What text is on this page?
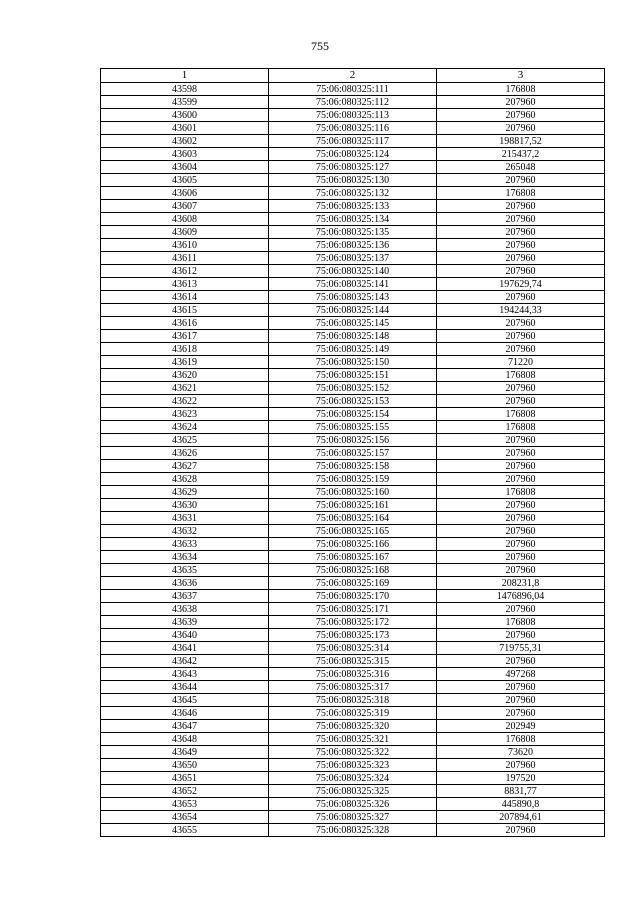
755
1	2	3
43598	75:06:080325:111	176808
43599	75:06:080325:112	207960
43600	75:06:080325:113	207960
43601	75:06:080325:116	207960
43602	75:06:080325:117	198817,52
43603	75:06:080325:124	215437,2
43604	75:06:080325:127	265048
43605	75:06:080325:130	207960
43606	75:06:080325:132	176808
43607	75:06:080325:133	207960
43608	75:06:080325:134	207960
43609	75:06:080325:135	207960
43610	75:06:080325:136	207960
43611	75:06:080325:137	207960
43612	75:06:080325:140	207960
43613	75:06:080325:141	197629,74
43614	75:06:080325:143	207960
43615	75:06:080325:144	194244,33
43616	75:06:080325:145	207960
43617	75:06:080325:148	207960
43618	75:06:080325:149	207960
43619	75:06:080325:150	71220
43620	75:06:080325:151	176808
43621	75:06:080325:152	207960
43622	75:06:080325:153	207960
43623	75:06:080325:154	176808
43624	75:06:080325:155	176808
43625	75:06:080325:156	207960
43626	75:06:080325:157	207960
43627	75:06:080325:158	207960
43628	75:06:080325:159	207960
43629	75:06:080325:160	176808
43630	75:06:080325:161	207960
43631	75:06:080325:164	207960
43632	75:06:080325:165	207960
43633	75:06:080325:166	207960
43634	75:06:080325:167	207960
43635	75:06:080325:168	207960
43636	75:06:080325:169	208231,8
43637	75:06:080325:170	1476896,04
43638	75:06:080325:171	207960
43639	75:06:080325:172	176808
43640	75:06:080325:173	207960
43641	75:06:080325:314	719755,31
43642	75:06:080325:315	207960
43643	75:06:080325:316	497268
43644	75:06:080325:317	207960
43645	75:06:080325:318	207960
43646	75:06:080325:319	207960
43647	75:06:080325:320	202949
43648	75:06:080325:321	176808
43649	75:06:080325:322	73620
43650	75:06:080325:323	207960
43651	75:06:080325:324	197520
43652	75:06:080325:325	8831,77
43653	75:06:080325:326	445890,8
43654	75:06:080325:327	207894,61
43655	75:06:080325:328	207960
